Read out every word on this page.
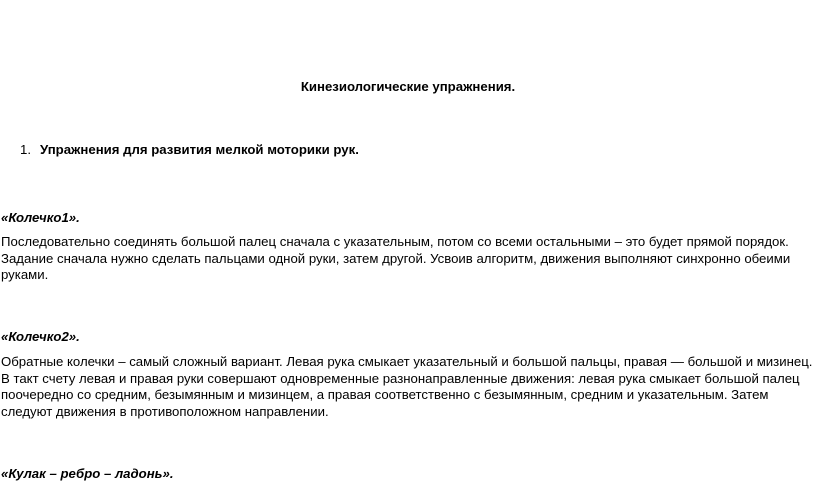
Кинезиологические упражнения.
1. Упражнения для развития мелкой моторики рук.
«Колечко1».

Последовательно соединять большой палец сначала с указательным, потом со всеми остальными – это будет прямой порядок. Задание сначала нужно сделать пальцами одной руки, затем другой. Усвоив алгоритм, движения выполняют синхронно обеими руками.

«Колечко2».

Обратные колечки – самый сложный вариант. Левая рука смыкает указательный и большой пальцы, правая — большой и мизинец. В такт счету левая и правая руки совершают одновременные разнонаправленные движения: левая рука смыкает большой палец поочередно со средним, безымянным и мизинцем, а правая соответственно с безымянным, средним и указательным. Затем следуют движения в противоположном направлении.

«Кулак – ребро – ладонь».
